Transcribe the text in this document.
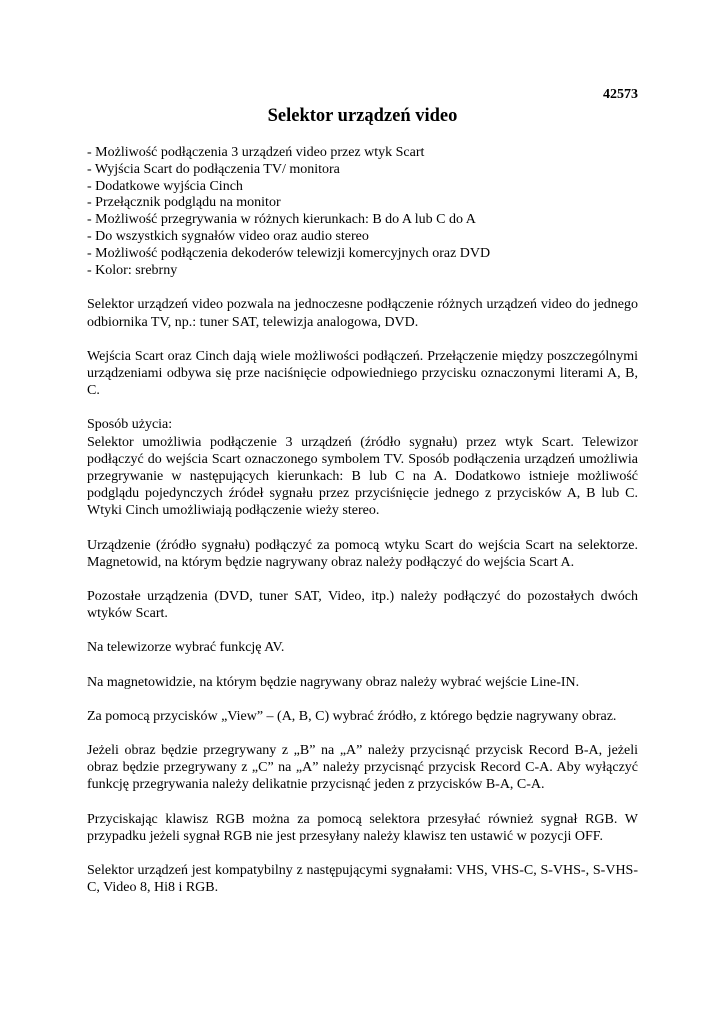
42573

Selektor urządzeń video
- Możliwość podłączenia 3 urządzeń video przez wtyk Scart
- Wyjścia Scart do podłączenia TV/ monitora
- Dodatkowe wyjścia Cinch
- Przełącznik podglądu na monitor
- Możliwość przegrywania w różnych kierunkach: B do A lub C do A
- Do wszystkich sygnałów video oraz audio stereo
- Możliwość podłączenia dekoderów telewizji komercyjnych oraz DVD
- Kolor: srebrny

Selektor urządzeń video pozwala na jednoczesne podłączenie różnych urządzeń video do jednego odbiornika TV, np.: tuner SAT, telewizja analogowa, DVD.

Wejścia Scart oraz Cinch dają wiele możliwości podłączeń. Przełączenie między poszczególnymi urządzeniami odbywa się prze naciśnięcie odpowiedniego przycisku oznaczonymi literami A, B, C.

Sposób użycia:
Selektor umożliwia podłączenie 3 urządzeń (źródło sygnału) przez wtyk Scart. Telewizor podłączyć do wejścia Scart oznaczonego symbolem TV. Sposób podłączenia urządzeń umożliwia przegrywanie w następujących kierunkach: B lub C na A. Dodatkowo istnieje możliwość podglądu pojedynczych źródeł sygnału przez przyciśnięcie jednego z przycisków A, B lub C. Wtyki Cinch umożliwiają podłączenie wieży stereo.

Urządzenie (źródło sygnału) podłączyć za pomocą wtyku Scart do wejścia Scart na selektorze. Magnetowid, na którym będzie nagrywany obraz należy podłączyć do wejścia Scart A.

Pozostałe urządzenia (DVD, tuner SAT, Video, itp.) należy podłączyć do pozostałych dwóch wtyków Scart.

Na telewizorze wybrać funkcję AV.

Na magnetowidzie, na którym będzie nagrywany obraz należy wybrać wejście Line-IN.

Za pomocą przycisków „View” – (A, B, C) wybrać źródło, z którego będzie nagrywany obraz.

Jeżeli obraz będzie przegrywany z „B” na „A” należy przycisnąć przycisk Record B-A, jeżeli obraz będzie przegrywany z „C” na „A” należy przycisnąć przycisk Record C-A. Aby wyłączyć funkcję przegrywania należy delikatnie przycisnąć jeden z przycisków B-A, C-A.

Przyciskając klawisz RGB można za pomocą selektora przesyłać również sygnał RGB. W przypadku jeżeli sygnał RGB nie jest przesyłany należy klawisz ten ustawić w pozycji OFF.

Selektor urządzeń jest kompatybilny z następującymi sygnałami: VHS, VHS-C, S-VHS-, S-VHS-C, Video 8, Hi8 i RGB.
